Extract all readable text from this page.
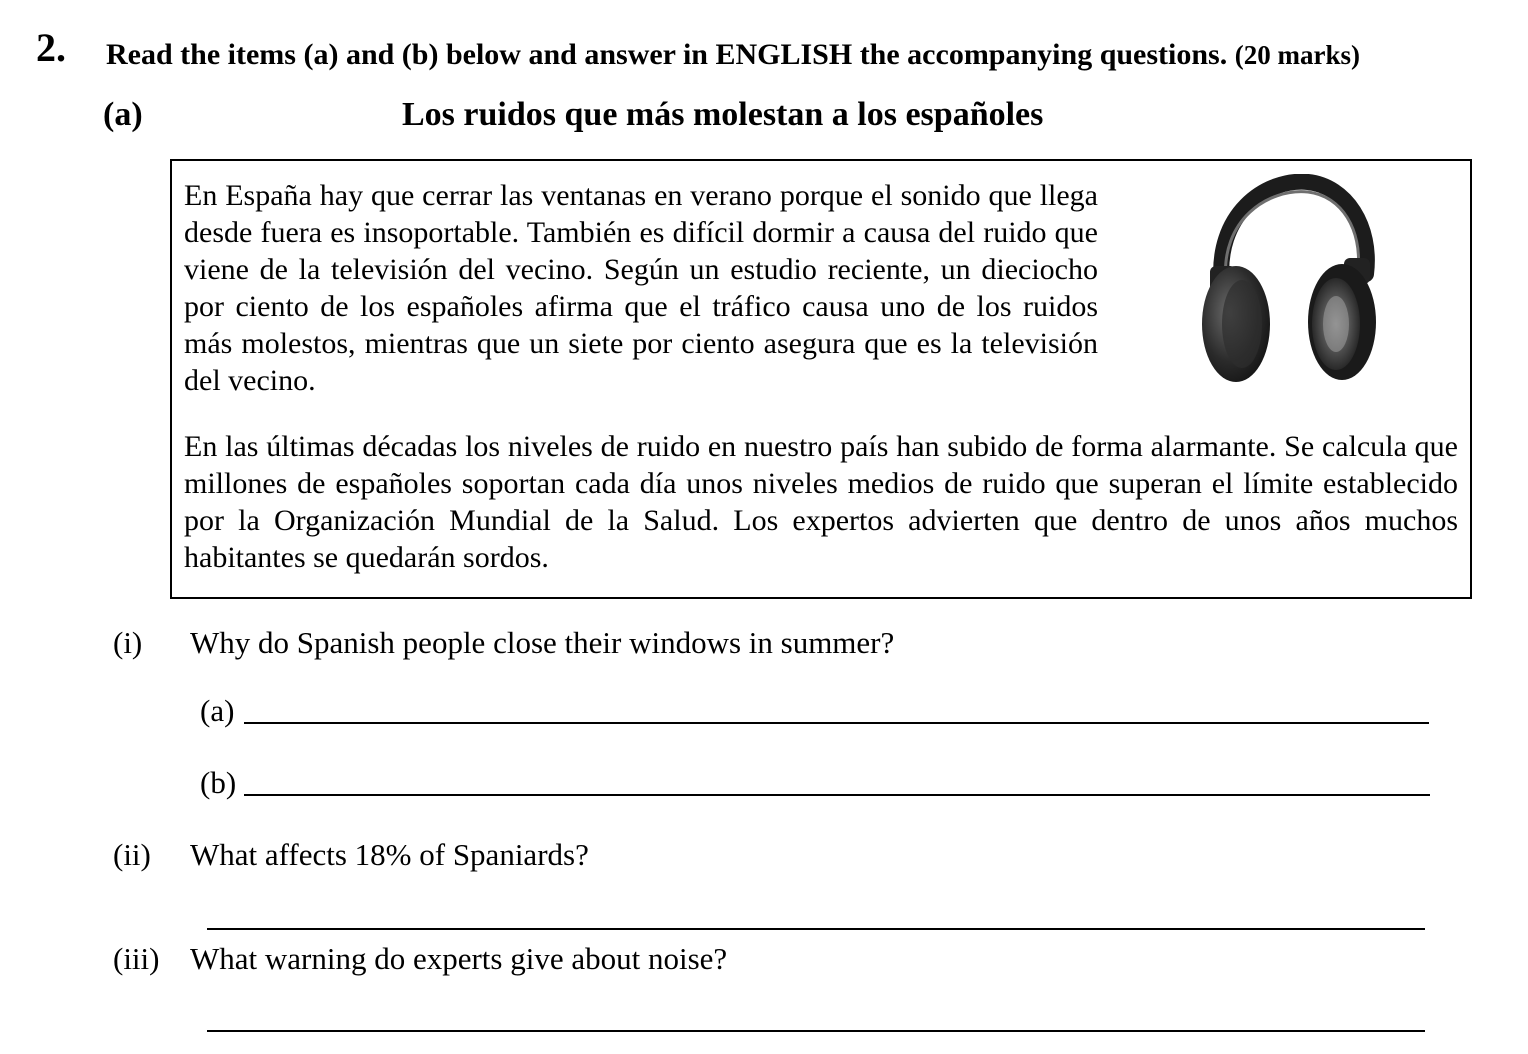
2. Read the items (a) and (b) below and answer in ENGLISH the accompanying questions. (20 marks)
(a)	Los ruidos que más molestan a los españoles

En España hay que cerrar las ventanas en verano porque el sonido que llega desde fuera es insoportable. También es difícil dormir a causa del ruido que viene de la televisión del vecino. Según un estudio reciente, un dieciocho por ciento de los españoles afirma que el tráfico causa uno de los ruidos más molestos, mientras que un siete por ciento asegura que es la televisión del vecino.

En las últimas décadas los niveles de ruido en nuestro país han subido de forma alarmante. Se calcula que millones de españoles soportan cada día unos niveles medios de ruido que superan el límite establecido por la Organización Mundial de la Salud. Los expertos advierten que dentro de unos años muchos habitantes se quedarán sordos.

(i) Why do Spanish people close their windows in summer?
(a)
(b)
(ii) What affects 18% of Spaniards?
(iii) What warning do experts give about noise?
